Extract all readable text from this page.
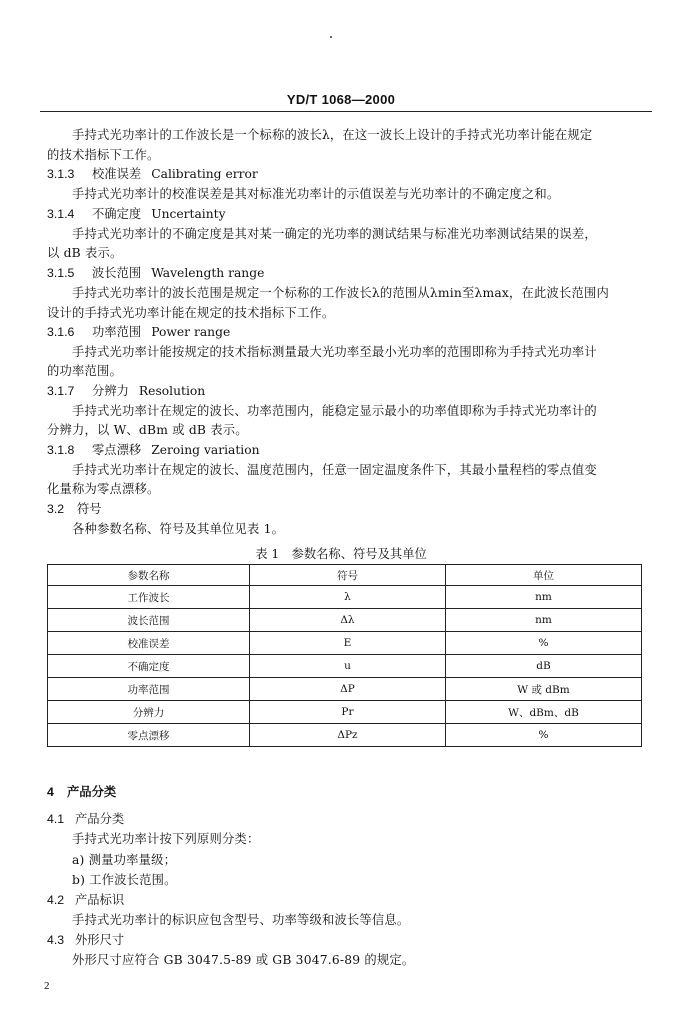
YD/T 1068—2000
手持式光功率计的工作波长是一个标称的波长λ，在这一波长上设计的手持式光功率计能在规定
的技术指标下工作。
3.1.3 校准误差 Calibrating error
手持式光功率计的校准误差是其对标准光功率计的示值误差与光功率计的不确定度之和。
3.1.4 不确定度 Uncertainty
手持式光功率计的不确定度是其对某一确定的光功率的测试结果与标准光功率测试结果的误差，
以 dB 表示。
3.1.5 波长范围 Wavelength range
手持式光功率计的波长范围是规定一个标称的工作波长λ的范围从λmin至λmax，在此波长范围内
设计的手持式光功率计能在规定的技术指标下工作。
3.1.6 功率范围 Power range
手持式光功率计能按规定的技术指标测量最大光功率至最小光功率的范围即称为手持式光功率计
的功率范围。
3.1.7 分辨力 Resolution
手持式光功率计在规定的波长、功率范围内，能稳定显示最小的功率值即称为手持式光功率计的
分辨力，以 W、dBm 或 dB 表示。
3.1.8 零点漂移 Zeroing variation
手持式光功率计在规定的波长、温度范围内，任意一固定温度条件下，其最小量程档的零点值变
化量称为零点漂移。
3.2 符号
各种参数名称、符号及其单位见表 1。
表 1　参数名称、符号及其单位
参数名称	符号	单位
工作波长	λ	nm
波长范围	Δλ	nm
校准误差	E	%
不确定度	u	dB
功率范围	ΔP	W 或 dBm
分辨力	Pr	W、dBm、dB
零点漂移	ΔPz	%
4 产品分类
4.1 产品分类
手持式光功率计按下列原则分类：
a) 测量功率量级；
b) 工作波长范围。
4.2 产品标识
手持式光功率计的标识应包含型号、功率等级和波长等信息。
4.3 外形尺寸
外形尺寸应符合 GB 3047.5-89 或 GB 3047.6-89 的规定。
2
